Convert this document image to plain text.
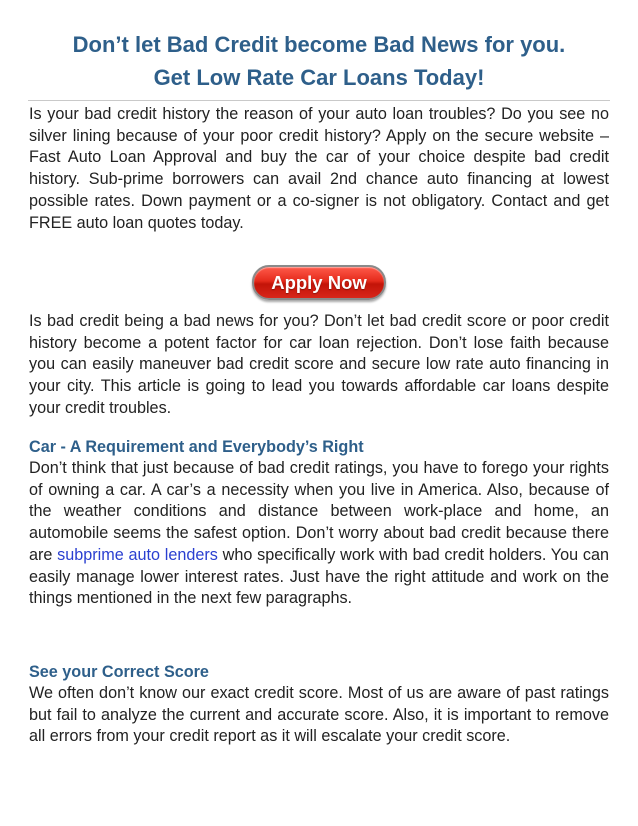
Don’t let Bad Credit become Bad News for you.
Get Low Rate Car Loans Today!

Is your bad credit history the reason of your auto loan troubles? Do you see no silver lining because of your poor credit history? Apply on the secure website – Fast Auto Loan Approval and buy the car of your choice despite bad credit history. Sub-prime borrowers can avail 2nd chance auto financing at lowest possible rates. Down payment or a co-signer is not obligatory. Contact and get FREE auto loan quotes today.

Apply Now

Is bad credit being a bad news for you? Don’t let bad credit score or poor credit history become a potent factor for car loan rejection. Don’t lose faith because you can easily maneuver bad credit score and secure low rate auto financing in your city. This article is going to lead you towards affordable car loans despite your credit troubles.

Car - A Requirement and Everybody’s Right

Don’t think that just because of bad credit ratings, you have to forego your rights of owning a car. A car’s a necessity when you live in America. Also, because of the weather conditions and distance between work-place and home, an automobile seems the safest option. Don’t worry about bad credit because there are subprime auto lenders who specifically work with bad credit holders. You can easily manage lower interest rates. Just have the right attitude and work on the things mentioned in the next few paragraphs.

See your Correct Score

We often don’t know our exact credit score. Most of us are aware of past ratings but fail to analyze the current and accurate score. Also, it is important to remove all errors from your credit report as it will escalate your credit score.
